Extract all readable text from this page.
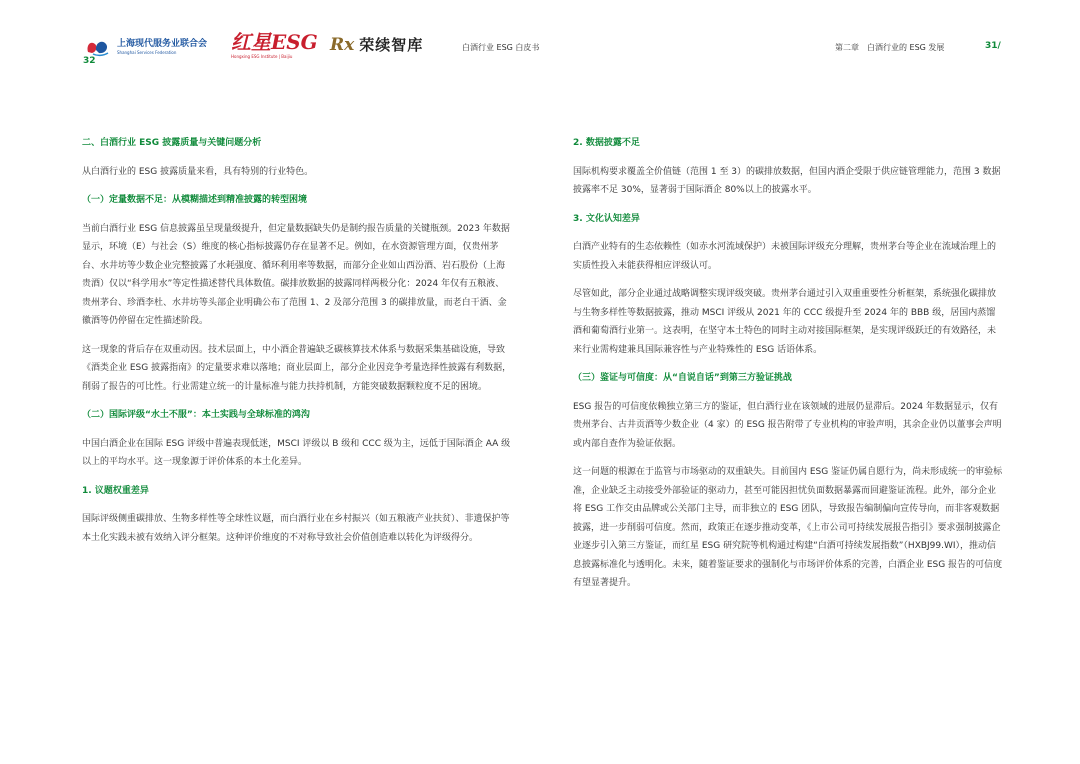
上海现代服务业联合会
Shanghai Services Federation
32
红星ESG
Hongxing ESG Institute | Baijiu
Rx 荣续智库	白酒行业 ESG 白皮书	第二章　白酒行业的 ESG 发展	31/

二、白酒行业 ESG 披露质量与关键问题分析

从白酒行业的 ESG 披露质量来看，具有特别的行业特色。

（一）定量数据不足：从模糊描述到精准披露的转型困境

当前白酒行业 ESG 信息披露虽呈现量级提升，但定量数据缺失仍是制约报告质量的关键瓶颈。2023 年数据显示，环境（E）与社会（S）维度的核心指标披露仍存在显著不足。例如，在水资源管理方面，仅贵州茅台、水井坊等少数企业完整披露了水耗强度、循环利用率等数据，而部分企业如山西汾酒、岩石股份（上海贵酒）仅以“科学用水”等定性描述替代具体数值。碳排放数据的披露同样两极分化：2024 年仅有五粮液、贵州茅台、珍酒李杜、水井坊等头部企业明确公布了范围 1、2 及部分范围 3 的碳排放量，而老白干酒、金徽酒等仍停留在定性描述阶段。

这一现象的背后存在双重动因。技术层面上，中小酒企普遍缺乏碳核算技术体系与数据采集基础设施，导致《酒类企业 ESG 披露指南》的定量要求难以落地；商业层面上，部分企业因竞争考量选择性披露有利数据，削弱了报告的可比性。行业需建立统一的计量标准与能力扶持机制，方能突破数据颗粒度不足的困境。

（二）国际评级“水土不服”：本土实践与全球标准的鸿沟

中国白酒企业在国际 ESG 评级中普遍表现低迷，MSCI 评级以 B 级和 CCC 级为主，远低于国际酒企 AA 级以上的平均水平。这一现象源于评价体系的本土化差异。

1. 议题权重差异

国际评级侧重碳排放、生物多样性等全球性议题，而白酒行业在乡村振兴（如五粮液产业扶贫）、非遗保护等本土化实践未被有效纳入评分框架。这种评价维度的不对称导致社会价值创造难以转化为评级得分。

2. 数据披露不足

国际机构要求覆盖全价值链（范围 1 至 3）的碳排放数据，但国内酒企受限于供应链管理能力，范围 3 数据披露率不足 30%，显著弱于国际酒企 80%以上的披露水平。

3. 文化认知差异

白酒产业特有的生态依赖性（如赤水河流域保护）未被国际评级充分理解，贵州茅台等企业在流域治理上的实质性投入未能获得相应评级认可。

尽管如此，部分企业通过战略调整实现评级突破。贵州茅台通过引入双重重要性分析框架，系统强化碳排放与生物多样性等数据披露，推动 MSCI 评级从 2021 年的 CCC 级提升至 2024 年的 BBB 级，居国内蒸馏酒和葡萄酒行业第一。这表明，在坚守本土特色的同时主动对接国际框架，是实现评级跃迁的有效路径，未来行业需构建兼具国际兼容性与产业特殊性的 ESG 话语体系。

（三）鉴证与可信度：从“自说自话”到第三方验证挑战

ESG 报告的可信度依赖独立第三方的鉴证，但白酒行业在该领域的进展仍显滞后。2024 年数据显示，仅有贵州茅台、古井贡酒等少数企业（4 家）的 ESG 报告附带了专业机构的审验声明，其余企业仍以董事会声明或内部自查作为验证依据。

这一问题的根源在于监管与市场驱动的双重缺失。目前国内 ESG 鉴证仍属自愿行为，尚未形成统一的审验标准，企业缺乏主动接受外部验证的驱动力，甚至可能因担忧负面数据暴露而回避鉴证流程。此外，部分企业将 ESG 工作交由品牌或公关部门主导，而非独立的 ESG 团队，导致报告编制偏向宣传导向，而非客观数据披露，进一步削弱可信度。然而，政策正在逐步推动变革，《上市公司可持续发展报告指引》要求强制披露企业逐步引入第三方鉴证，而红星 ESG 研究院等机构通过构建“白酒可持续发展指数”（HXBJ99.WI），推动信息披露标准化与透明化。未来，随着鉴证要求的强制化与市场评价体系的完善，白酒企业 ESG 报告的可信度有望显著提升。
